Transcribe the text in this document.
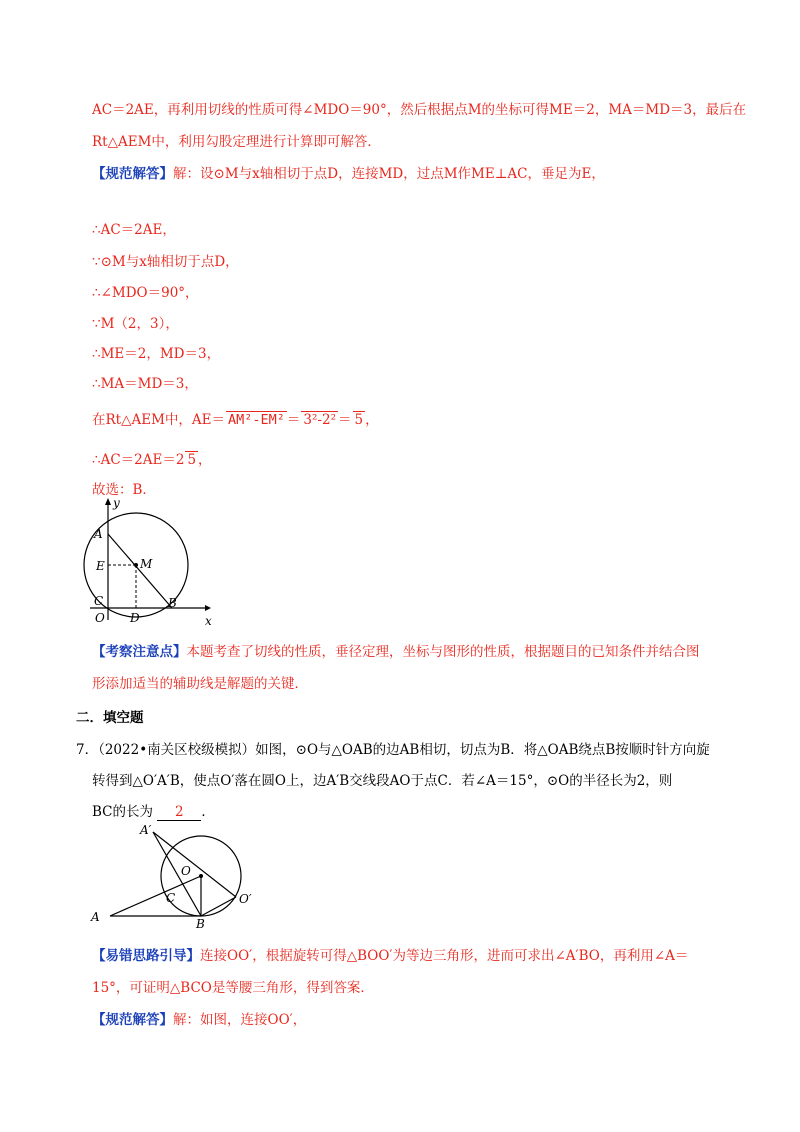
AC＝2AE，再利用切线的性质可得∠MDO＝90°，然后根据点M的坐标可得ME＝2，MA＝MD＝3，最后在
Rt△AEM中，利用勾股定理进行计算即可解答．
【规范解答】解：设⊙M与x轴相切于点D，连接MD，过点M作ME⊥AC，垂足为E，
∴AC＝2AE，
∵⊙M与x轴相切于点D，
∴∠MDO＝90°，
∵M（2，3），
∴ME＝2，MD＝3，
∴MA＝MD＝3，
在Rt△AEM中，AE＝ AM²-EM² ＝ 3²-2² ＝ 5 ，
∴AC＝2AE＝2 5 ，
故选：B．
y
x
A
M
E
C	B
O D
【考察注意点】本题考查了切线的性质，垂径定理，坐标与图形的性质，根据题目的已知条件并结合图
形添加适当的辅助线是解题的关键．
二．填空题
7．（2022•南关区校级模拟）如图，⊙O与△OAB的边AB相切，切点为B．将△OAB绕点B按顺时针方向旋
转得到△O′A′B，使点O′落在圆O上，边A′B交线段AO于点C．若∠A＝15°，⊙O的半径长为2，则
BC的长为 2 ．
A′
O
C	O′
A	B
【易错思路引导】连接OO′，根据旋转可得△BOO′为等边三角形，进而可求出∠A′BO，再利用∠A＝
15°，可证明△BCO是等腰三角形，得到答案．
【规范解答】解：如图，连接OO′，
